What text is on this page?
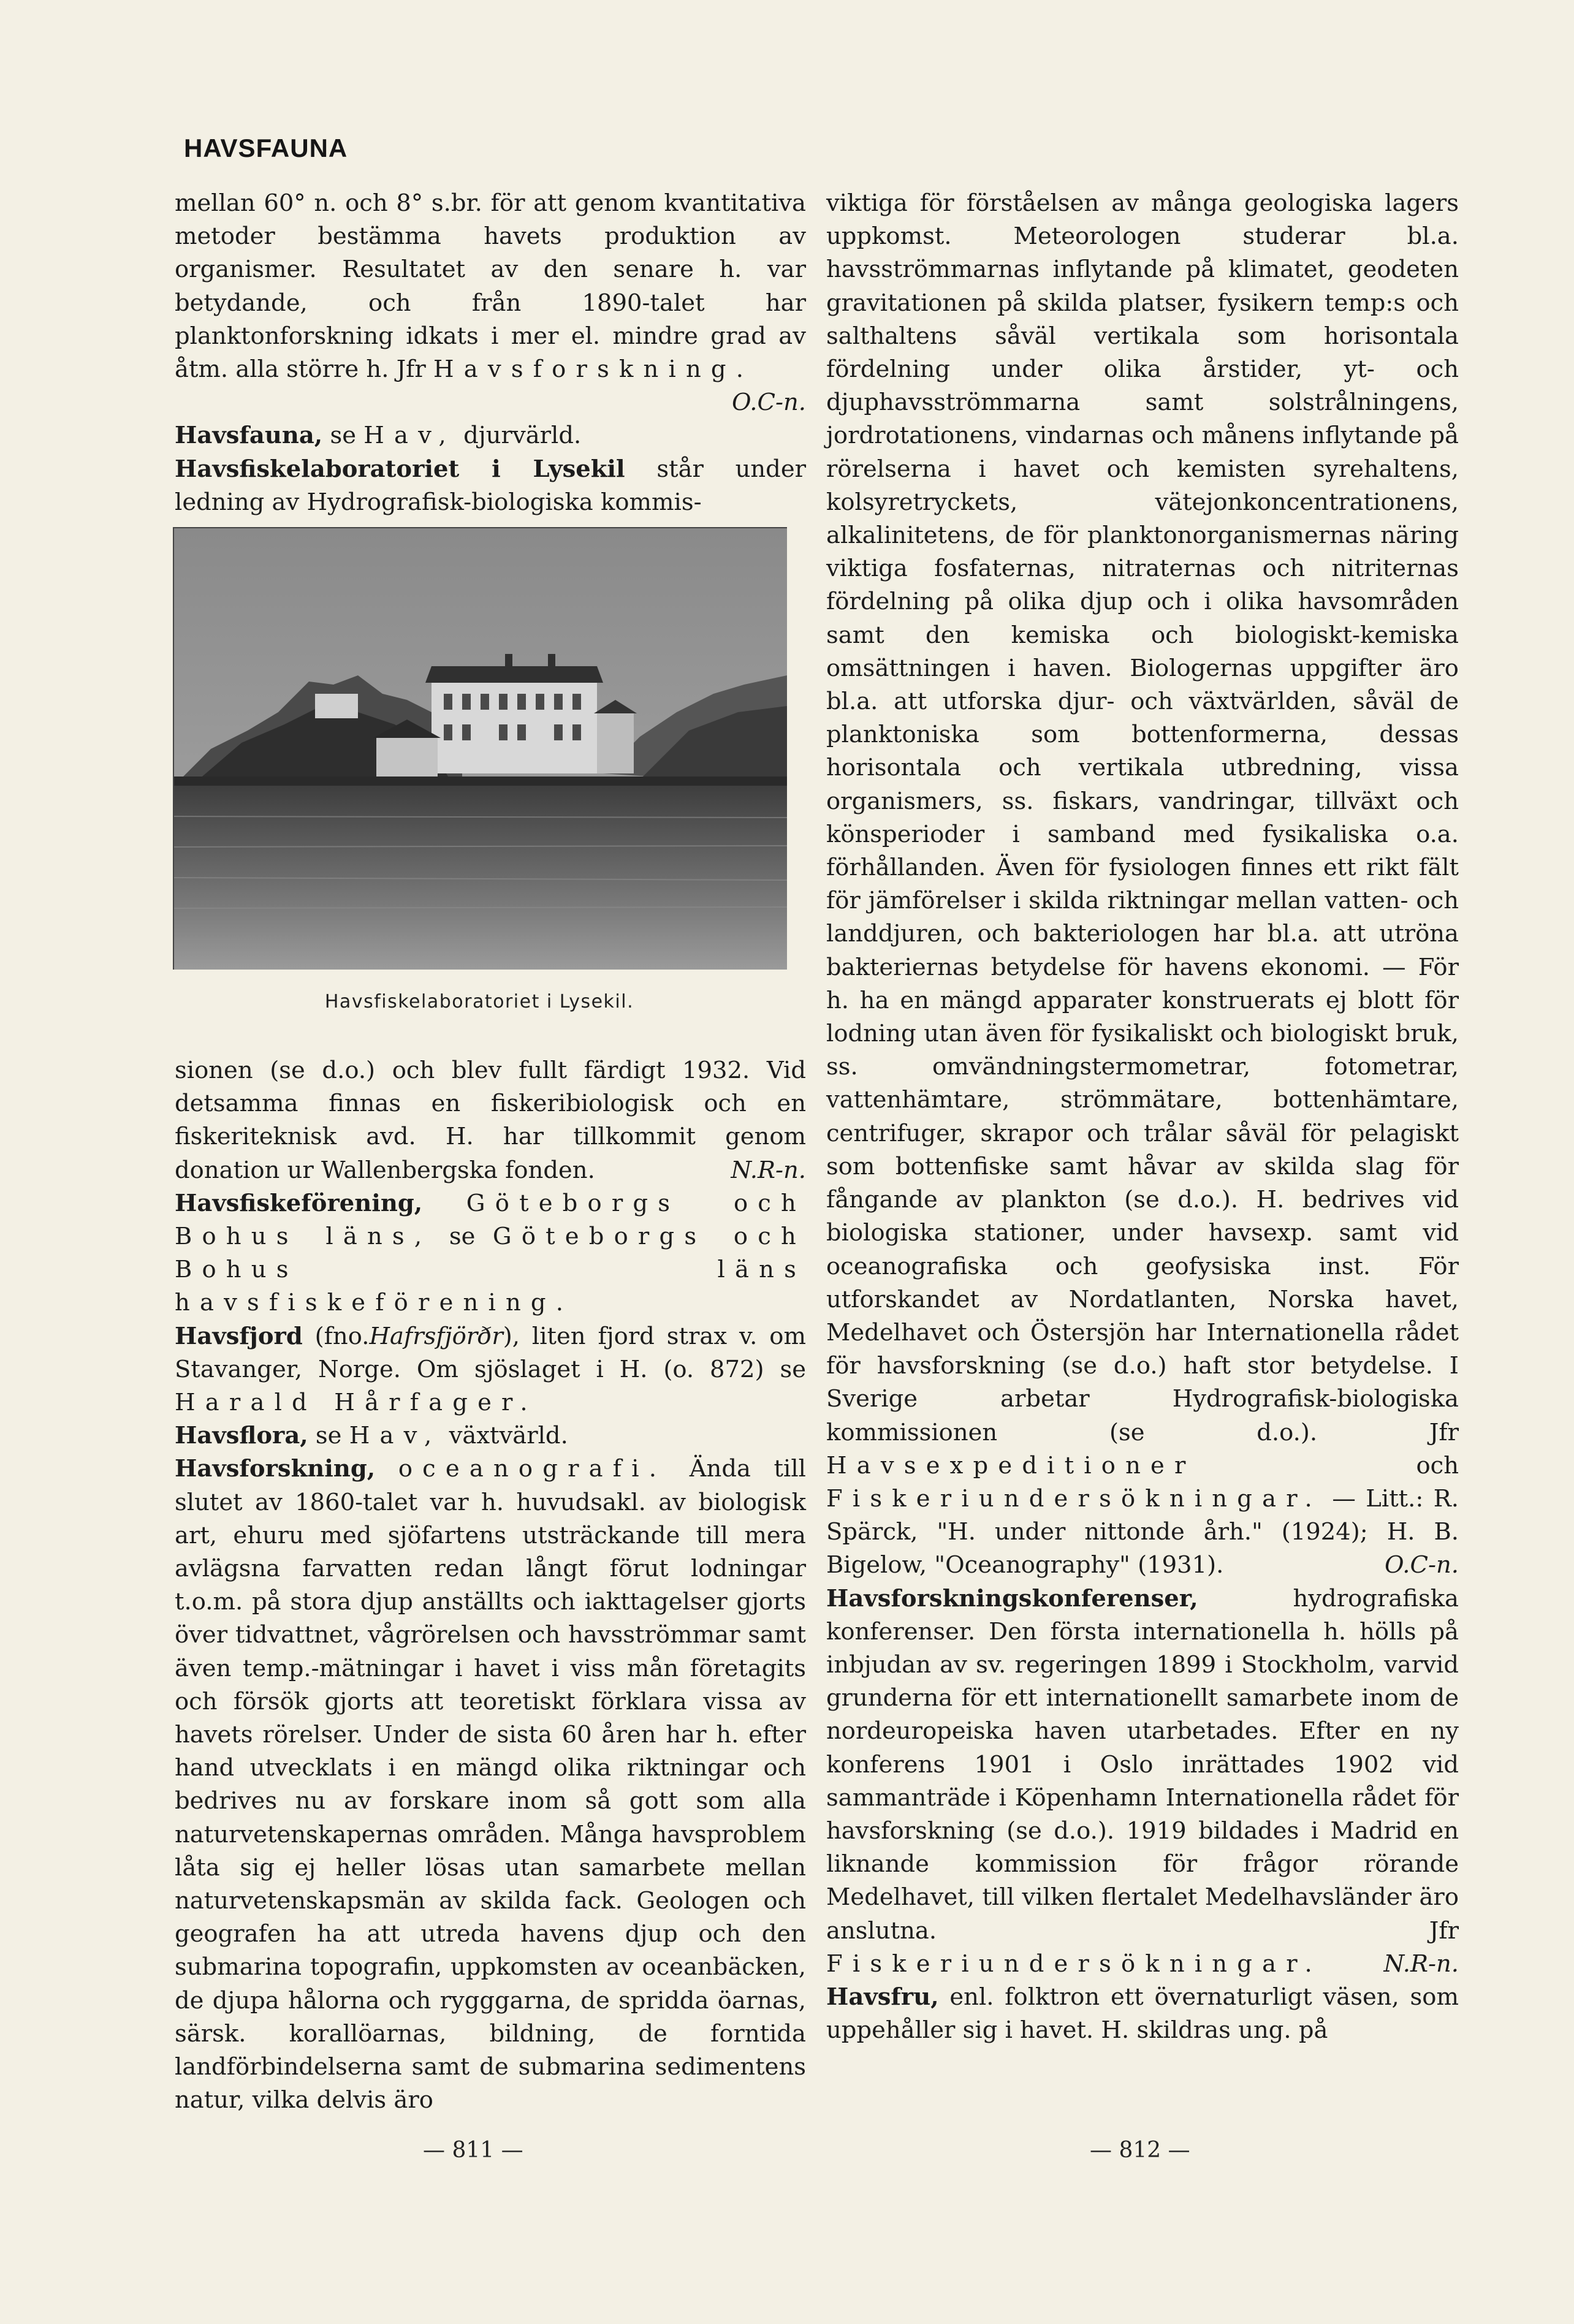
HAVSFAUNA

mellan 60° n. och 8° s.br. för att genom kvantitativa metoder bestämma havets produktion av organismer. Resultatet av den senare h. var betydande, och från 1890-talet har planktonforskning idkats i mer el. mindre grad av åtm. alla större h. Jfr Havsforskning.
O.C-n.

Havsfauna, se Hav, djurvärld.

Havsfiskelaboratoriet i Lysekil står under ledning av Hydrografisk-biologiska kommis-

Havsfiskelaboratoriet i Lysekil.

sionen (se d.o.) och blev fullt färdigt 1932. Vid detsamma finnas en fiskeribiologisk och en fiskeriteknisk avd. H. har tillkommit genom donation ur Wallenbergska fonden.	N.R-n.

Havsfiskeförening, Göteborgs och Bohus läns, se Göteborgs och Bohus läns havsfiskeförening.

Havsfjord (fno.Hafrsfjörðr), liten fjord strax v. om Stavanger, Norge. Om sjöslaget i H. (o. 872) se Harald Hårfager.

Havsflora, se Hav, växtvärld.

Havsforskning, oceanografi. Ända till slutet av 1860-talet var h. huvudsakl. av biologisk art, ehuru med sjöfartens utsträckande till mera avlägsna farvatten redan långt förut lodningar t.o.m. på stora djup anställts och iakttagelser gjorts över tidvattnet, vågrörelsen och havsströmmar samt även temp.-mätningar i havet i viss mån företagits och försök gjorts att teoretiskt förklara vissa av havets rörelser. Under de sista 60 åren har h. efter hand utvecklats i en mängd olika riktningar och bedrives nu av forskare inom så gott som alla naturvetenskapernas områden. Många havsproblem låta sig ej heller lösas utan samarbete mellan naturvetenskapsmän av skilda fack. Geologen och geografen ha att utreda havens djup och den submarina topografin, uppkomsten av oceanbäcken, de djupa hålorna och rygggarna, de spridda öarnas, särsk. korallöarnas, bildning, de forntida landförbindelserna samt de submarina sedimentens natur, vilka delvis äro

viktiga för förståelsen av många geologiska lagers uppkomst. Meteorologen studerar bl.a. havsströmmarnas inflytande på klimatet, geodeten gravitationen på skilda platser, fysikern temp:s och salthaltens såväl vertikala som horisontala fördelning under olika årstider, yt- och djuphavsströmmarna samt solstrålningens, jordrotationens, vindarnas och månens inflytande på rörelserna i havet och kemisten syrehaltens, kolsyretryckets, vätejonkoncentrationens, alkalinitetens, de för planktonorganismernas näring viktiga fosfaternas, nitraternas och nitriternas fördelning på olika djup och i olika havsområden samt den kemiska och biologiskt-kemiska omsättningen i haven. Biologernas uppgifter äro bl.a. att utforska djur- och växtvärlden, såväl de planktoniska som bottenformerna, dessas horisontala och vertikala utbredning, vissa organismers, ss. fiskars, vandringar, tillväxt och könsperioder i samband med fysikaliska o.a. förhållanden. Även för fysiologen finnes ett rikt fält för jämförelser i skilda riktningar mellan vatten- och landdjuren, och bakteriologen har bl.a. att utröna bakteriernas betydelse för havens ekonomi. — För h. ha en mängd apparater konstruerats ej blott för lodning utan även för fysikaliskt och biologiskt bruk, ss. omvändningstermometrar, fotometrar, vattenhämtare, strömmätare, bottenhämtare, centrifuger, skrapor och trålar såväl för pelagiskt som bottenfiske samt håvar av skilda slag för fångande av plankton (se d.o.). H. bedrives vid biologiska stationer, under havsexp. samt vid oceanografiska och geofysiska inst. För utforskandet av Nordatlanten, Norska havet, Medelhavet och Östersjön har Internationella rådet för havsforskning (se d.o.) haft stor betydelse. I Sverige arbetar Hydrografisk-biologiska kommissionen (se d.o.). Jfr Havsexpeditioner	och Fiskeriundersökningar. — Litt.: R. Spärck, "H. under nittonde årh." (1924); H. B. Bigelow, "Oceanography" (1931).	O.C-n.

Havsforskningskonferenser,	hydrografiska konferenser. Den första internationella h. hölls på inbjudan av sv. regeringen 1899 i Stockholm, varvid grunderna för ett internationellt samarbete inom de nordeuropeiska haven utarbetades. Efter en ny konferens 1901 i Oslo inrättades 1902 vid sammanträde i Köpenhamn Internationella rådet för havsforskning (se d.o.). 1919 bildades i Madrid en liknande kommission för frågor rörande Medelhavet, till vilken flertalet Medelhavsländer äro anslutna. Jfr Fiskeriundersökningar.	N.R-n.

Havsfru, enl. folktron ett övernaturligt väsen, som uppehåller sig i havet. H. skildras ung. på

— 811 —	— 812 —
